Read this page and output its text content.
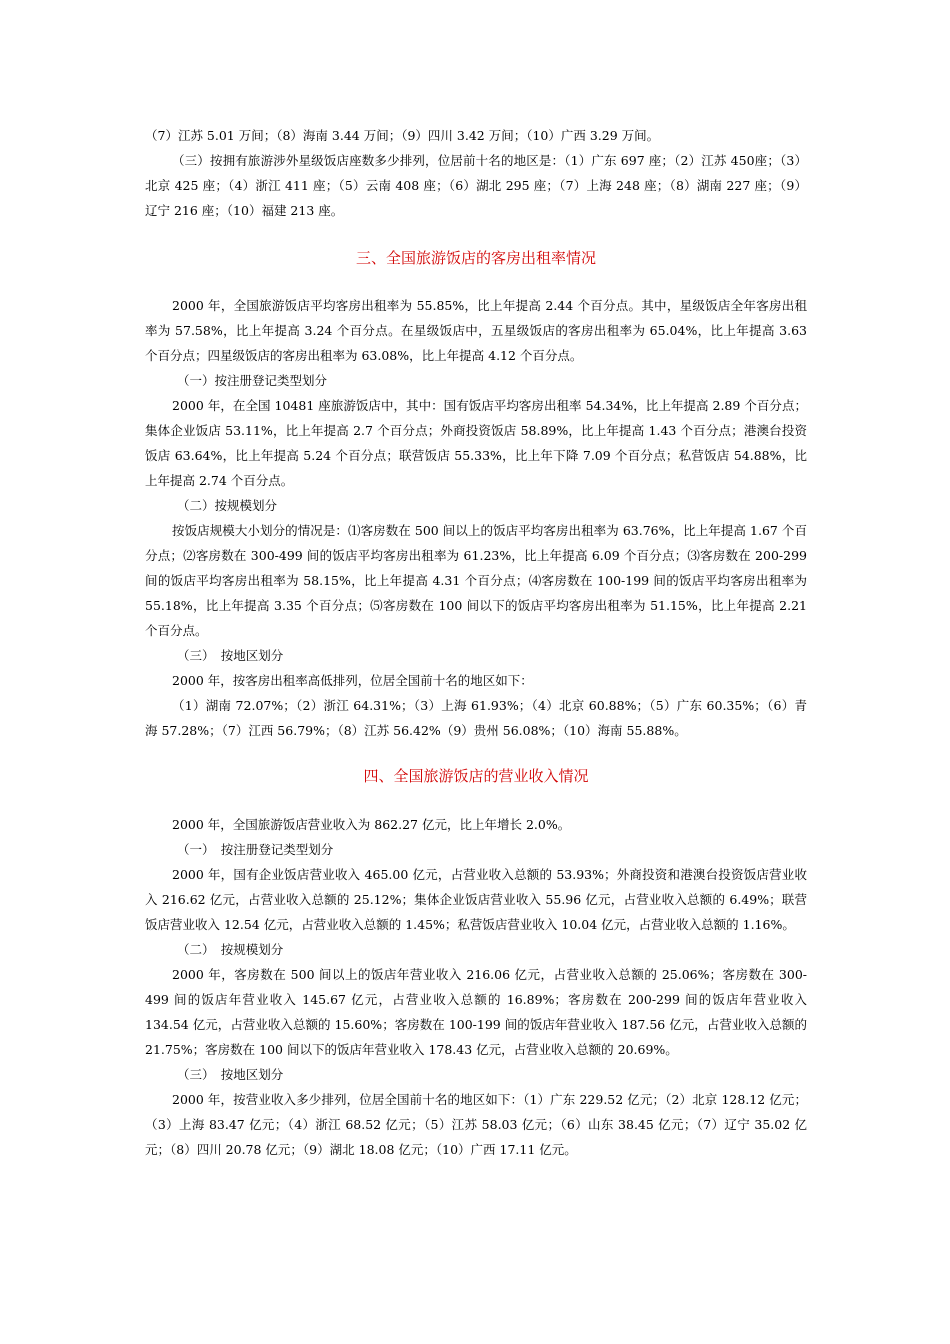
（7）江苏 5.01 万间；（8）海南 3.44 万间；（9）四川 3.42 万间；（10）广西 3.29 万间。

（三）按拥有旅游涉外星级饭店座数多少排列，位居前十名的地区是：（1）广东 697 座；（2）江苏 450座；（3）北京 425 座；（4）浙江 411 座；（5）云南 408 座；（6）湖北 295 座；（7）上海 248 座；（8）湖南 227 座；（9）辽宁 216 座；（10）福建 213 座。

三、全国旅游饭店的客房出租率情况

2000 年，全国旅游饭店平均客房出租率为 55.85%，比上年提高 2.44 个百分点。其中，星级饭店全年客房出租率为 57.58%，比上年提高 3.24 个百分点。在星级饭店中，五星级饭店的客房出租率为 65.04%，比上年提高 3.63 个百分点；四星级饭店的客房出租率为 63.08%，比上年提高 4.12 个百分点。

（一）按注册登记类型划分

2000 年，在全国 10481 座旅游饭店中，其中：国有饭店平均客房出租率 54.34%，比上年提高 2.89 个百分点；集体企业饭店 53.11%，比上年提高 2.7 个百分点；外商投资饭店 58.89%，比上年提高 1.43 个百分点；港澳台投资饭店 63.64%，比上年提高 5.24 个百分点；联营饭店 55.33%，比上年下降 7.09 个百分点；私营饭店 54.88%，比上年提高 2.74 个百分点。

（二）按规模划分

按饭店规模大小划分的情况是：⑴客房数在 500 间以上的饭店平均客房出租率为 63.76%，比上年提高 1.67 个百分点；⑵客房数在 300-499 间的饭店平均客房出租率为 61.23%，比上年提高 6.09 个百分点；⑶客房数在 200-299 间的饭店平均客房出租率为 58.15%，比上年提高 4.31 个百分点；⑷客房数在 100-199 间的饭店平均客房出租率为 55.18%，比上年提高 3.35 个百分点；⑸客房数在 100 间以下的饭店平均客房出租率为 51.15%，比上年提高 2.21 个百分点。

（三）　按地区划分

2000 年，按客房出租率高低排列，位居全国前十名的地区如下：

（1）湖南 72.07%；（2）浙江 64.31%；（3）上海 61.93%；（4）北京 60.88%；（5）广东 60.35%；（6）青海 57.28%；（7）江西 56.79%；（8）江苏 56.42%（9）贵州 56.08%；（10）海南 55.88%。

四、全国旅游饭店的营业收入情况

2000 年，全国旅游饭店营业收入为 862.27 亿元，比上年增长 2.0%。

（一）　按注册登记类型划分

2000 年，国有企业饭店营业收入 465.00 亿元，占营业收入总额的 53.93%；外商投资和港澳台投资饭店营业收入 216.62 亿元，占营业收入总额的 25.12%；集体企业饭店营业收入 55.96 亿元，占营业收入总额的 6.49%；联营饭店营业收入 12.54 亿元，占营业收入总额的 1.45%；私营饭店营业收入 10.04 亿元，占营业收入总额的 1.16%。

（二）　按规模划分

2000 年，客房数在 500 间以上的饭店年营业收入 216.06 亿元，占营业收入总额的 25.06%；客房数在 300-499 间的饭店年营业收入 145.67 亿元，占营业收入总额的 16.89%；客房数在 200-299 间的饭店年营业收入 134.54 亿元，占营业收入总额的 15.60%；客房数在 100-199 间的饭店年营业收入 187.56 亿元，占营业收入总额的 21.75%；客房数在 100 间以下的饭店年营业收入 178.43 亿元，占营业收入总额的 20.69%。

（三）　按地区划分

2000 年，按营业收入多少排列，位居全国前十名的地区如下：（1）广东 229.52 亿元；（2）北京 128.12 亿元；（3）上海 83.47 亿元；（4）浙江 68.52 亿元；（5）江苏 58.03 亿元；（6）山东 38.45 亿元；（7）辽宁 35.02 亿元；（8）四川 20.78 亿元；（9）湖北 18.08 亿元；（10）广西 17.11 亿元。
